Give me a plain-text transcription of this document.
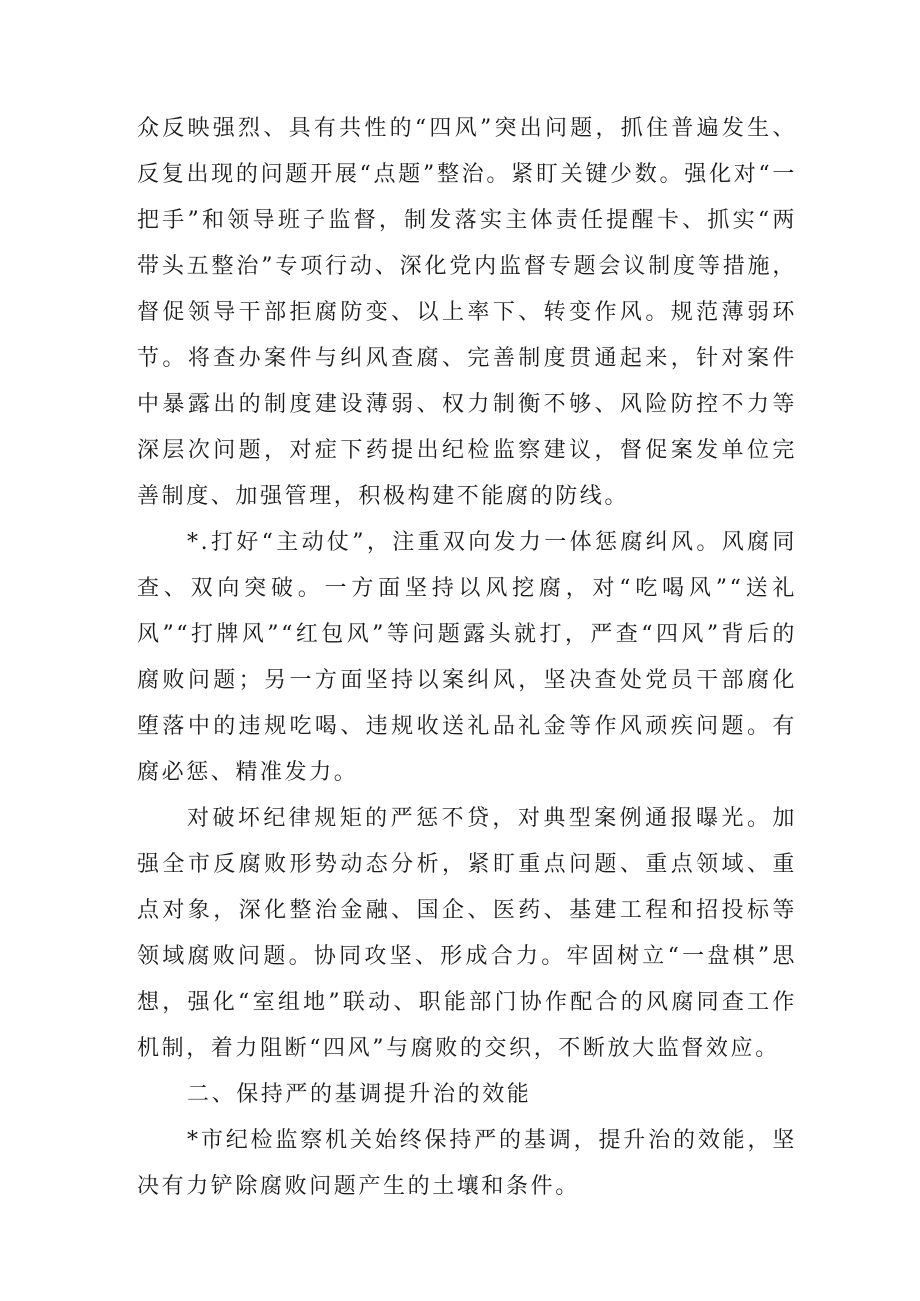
众反映强烈、具有共性的“四风”突出问题，抓住普遍发生、反复出现的问题开展“点题”整治。紧盯关键少数。强化对“一把手”和领导班子监督，制发落实主体责任提醒卡、抓实“两带头五整治”专项行动、深化党内监督专题会议制度等措施，督促领导干部拒腐防变、以上率下、转变作风。规范薄弱环节。将查办案件与纠风查腐、完善制度贯通起来，针对案件中暴露出的制度建设薄弱、权力制衡不够、风险防控不力等深层次问题，对症下药提出纪检监察建议，督促案发单位完善制度、加强管理，积极构建不能腐的防线。

*.打好“主动仗”，注重双向发力一体惩腐纠风。风腐同查、双向突破。一方面坚持以风挖腐，对“吃喝风”“送礼风”“打牌风”“红包风”等问题露头就打，严查“四风”背后的腐败问题；另一方面坚持以案纠风，坚决查处党员干部腐化堕落中的违规吃喝、违规收送礼品礼金等作风顽疾问题。有腐必惩、精准发力。

对破坏纪律规矩的严惩不贷，对典型案例通报曝光。加强全市反腐败形势动态分析，紧盯重点问题、重点领域、重点对象，深化整治金融、国企、医药、基建工程和招投标等领域腐败问题。协同攻坚、形成合力。牢固树立“一盘棋”思想，强化“室组地”联动、职能部门协作配合的风腐同查工作机制，着力阻断“四风”与腐败的交织，不断放大监督效应。

二、保持严的基调提升治的效能

*市纪检监察机关始终保持严的基调，提升治的效能，坚决有力铲除腐败问题产生的土壤和条件。
